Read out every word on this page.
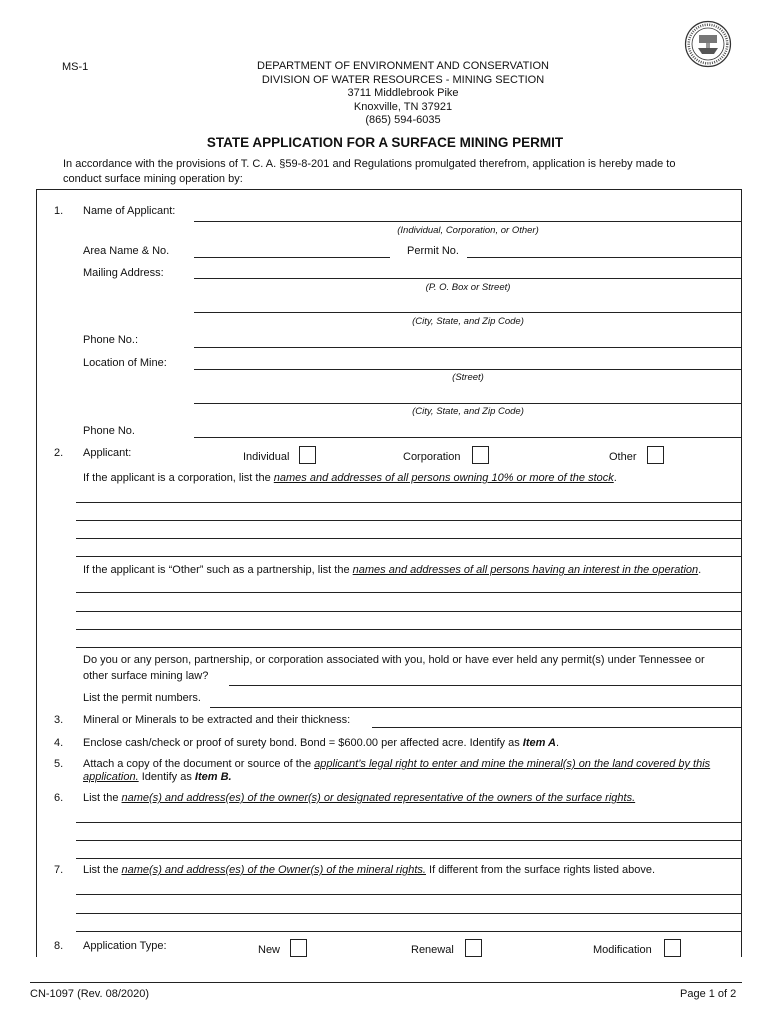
MS-1	DEPARTMENT OF ENVIRONMENT AND CONSERVATION
DIVISION OF WATER RESOURCES - MINING SECTION
3711 Middlebrook Pike
Knoxville, TN 37921
(865) 594-6035
STATE APPLICATION FOR A SURFACE MINING PERMIT
In accordance with the provisions of T. C. A. §59-8-201 and Regulations promulgated therefrom, application is hereby made to
conduct surface mining operation by:
1. Name of Applicant:
(Individual, Corporation, or Other)
Area Name & No.	Permit No.
Mailing Address:
(P. O. Box or Street)
(City, State, and Zip Code)
Phone No.:
Location of Mine:
(Street)
(City, State, and Zip Code)
Phone No.
2. Applicant:	Individual	Corporation	Other
If the applicant is a corporation, list the names and addresses of all persons owning 10% or more of the stock.
If the applicant is “Other” such as a partnership, list the names and addresses of all persons having an interest in the operation.
Do you or any person, partnership, or corporation associated with you, hold or have ever held any permit(s) under Tennessee or
other surface mining law?
List the permit numbers.
3. Mineral or Minerals to be extracted and their thickness:
4. Enclose cash/check or proof of surety bond. Bond = $600.00 per affected acre. Identify as Item A.
5. Attach a copy of the document or source of the applicant’s legal right to enter and mine the mineral(s) on the land covered by this
application. Identify as Item B.
6. List the name(s) and address(es) of the owner(s) or designated representative of the owners of the surface rights.
7. List the name(s) and address(es) of the Owner(s) of the mineral rights. If different from the surface rights listed above.
8. Application Type:	New	Renewal	Modification
CN-1097 (Rev. 08/2020)	Page 1 of 2
